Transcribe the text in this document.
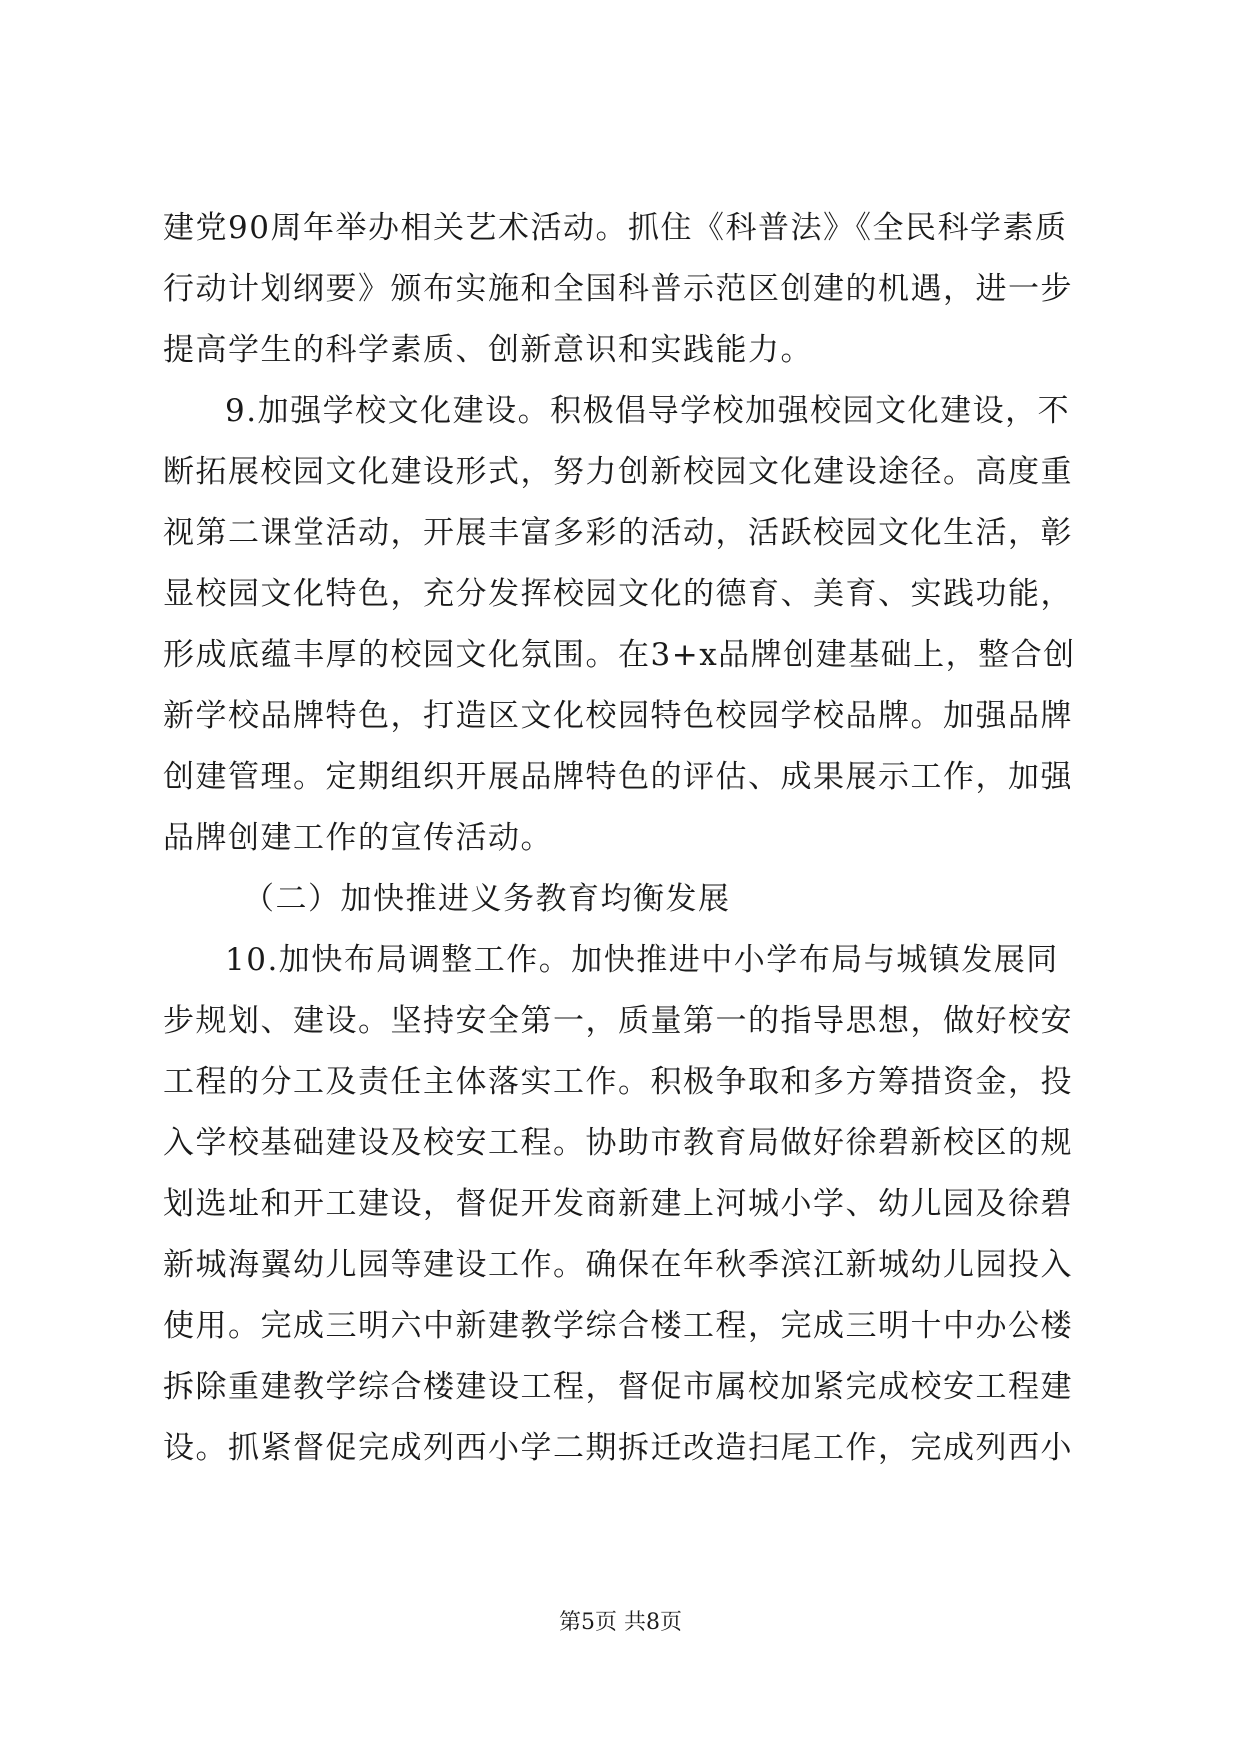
建党90周年举办相关艺术活动。抓住《科普法》《全民科学素质
行动计划纲要》颁布实施和全国科普示范区创建的机遇，进一步
提高学生的科学素质、创新意识和实践能力。
9.加强学校文化建设。积极倡导学校加强校园文化建设，不
断拓展校园文化建设形式，努力创新校园文化建设途径。高度重
视第二课堂活动，开展丰富多彩的活动，活跃校园文化生活，彰
显校园文化特色，充分发挥校园文化的德育、美育、实践功能，
形成底蕴丰厚的校园文化氛围。在3+x品牌创建基础上，整合创
新学校品牌特色，打造区文化校园特色校园学校品牌。加强品牌
创建管理。定期组织开展品牌特色的评估、成果展示工作，加强
品牌创建工作的宣传活动。
（二）加快推进义务教育均衡发展
10.加快布局调整工作。加快推进中小学布局与城镇发展同
步规划、建设。坚持安全第一，质量第一的指导思想，做好校安
工程的分工及责任主体落实工作。积极争取和多方筹措资金，投
入学校基础建设及校安工程。协助市教育局做好徐碧新校区的规
划选址和开工建设，督促开发商新建上河城小学、幼儿园及徐碧
新城海翼幼儿园等建设工作。确保在年秋季滨江新城幼儿园投入
使用。完成三明六中新建教学综合楼工程，完成三明十中办公楼
拆除重建教学综合楼建设工程，督促市属校加紧完成校安工程建
设。抓紧督促完成列西小学二期拆迁改造扫尾工作，完成列西小
第5页 共8页
